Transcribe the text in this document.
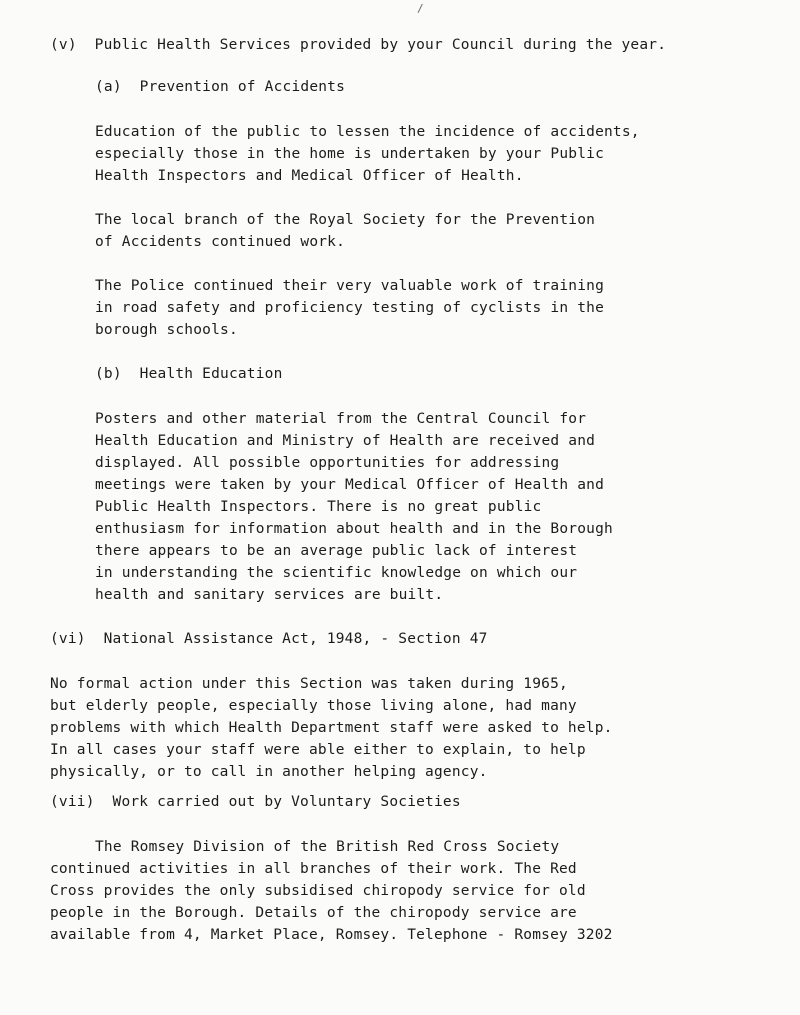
/
(v)  Public Health Services provided by your Council during the year.
(a)  Prevention of Accidents
Education of the public to lessen the incidence of accidents,
especially those in the home is undertaken by your Public
Health Inspectors and Medical Officer of Health.
The local branch of the Royal Society for the Prevention
of Accidents continued work.
The Police continued their very valuable work of training
in road safety and proficiency testing of cyclists in the
borough schools.
(b)  Health Education
Posters and other material from the Central Council for
Health Education and Ministry of Health are received and
displayed. All possible opportunities for addressing
meetings were taken by your Medical Officer of Health and
Public Health Inspectors. There is no great public
enthusiasm for information about health and in the Borough
there appears to be an average public lack of interest
in understanding the scientific knowledge on which our
health and sanitary services are built.
(vi)  National Assistance Act, 1948, - Section 47
No formal action under this Section was taken during 1965,
but elderly people, especially those living alone, had many
problems with which Health Department staff were asked to help.
In all cases your staff were able either to explain, to help
physically, or to call in another helping agency.
(vii)  Work carried out by Voluntary Societies
The Romsey Division of the British Red Cross Society
continued activities in all branches of their work. The Red
Cross provides the only subsidised chiropody service for old
people in the Borough. Details of the chiropody service are
available from 4, Market Place, Romsey. Telephone - Romsey 3202
